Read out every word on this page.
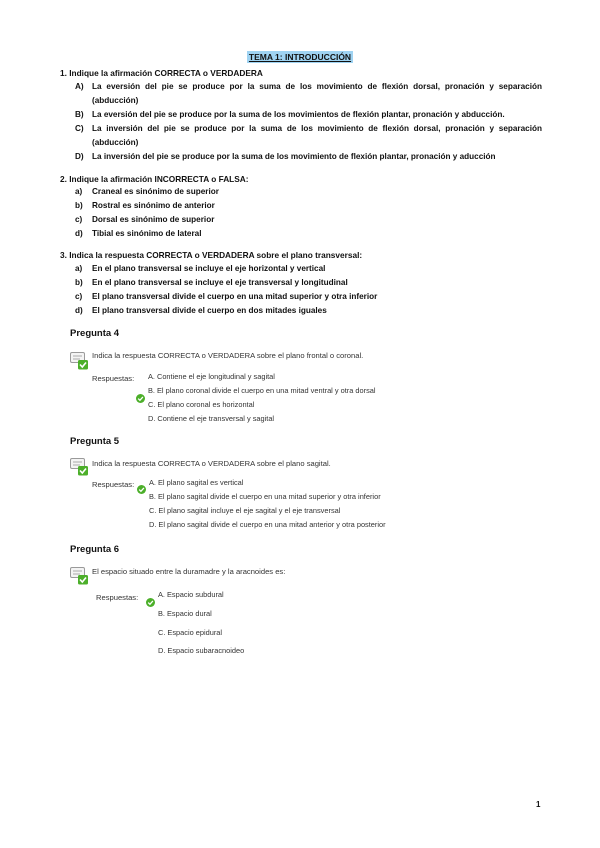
TEMA 1: INTRODUCCIÓN
1. Indique la afirmación CORRECTA o VERDADERA
A) La eversión del pie se produce por la suma de los movimiento de flexión dorsal, pronación y separación (abducción)
B) La eversión del pie se produce por la suma de los movimientos de flexión plantar, pronación y abducción.
C) La inversión del pie se produce por la suma de los movimiento de flexión dorsal, pronación y separación (abducción)
D) La inversión del pie se produce por la suma de los movimiento de flexión plantar, pronación y aducción
2. Indique la afirmación INCORRECTA o FALSA:
a) Craneal es sinónimo de superior
b) Rostral es sinónimo de anterior
c) Dorsal es sinónimo de superior
d) Tibial es sinónimo de lateral
3. Indica la respuesta CORRECTA o VERDADERA sobre el plano transversal:
a) En el plano transversal se incluye el eje horizontal y vertical
b) En el plano transversal se incluye el eje transversal y longitudinal
c) El plano transversal divide el cuerpo en una mitad superior y otra inferior
d) El plano transversal divide el cuerpo en dos mitades iguales
Pregunta 4
Indica la respuesta CORRECTA o VERDADERA sobre el plano frontal o coronal.
Respuestas: A. Contiene el eje longitudinal y sagital
B. El plano coronal divide el cuerpo en una mitad ventral y otra dorsal
C. El plano coronal es horizontal
D. Contiene el eje transversal y sagital
Pregunta 5
Indica la respuesta CORRECTA o VERDADERA sobre el plano sagital.
Respuestas: A. El plano sagital es vertical
B. El plano sagital divide el cuerpo en una mitad superior y otra inferior
C. El plano sagital incluye el eje sagital y el eje transversal
D. El plano sagital divide el cuerpo en una mitad anterior y otra posterior
Pregunta 6
El espacio situado entre la duramadre y la aracnoides es:
Respuestas:	A. Espacio subdural
B. Espacio dural
C. Espacio epidural
D. Espacio subaracnoideo
1
